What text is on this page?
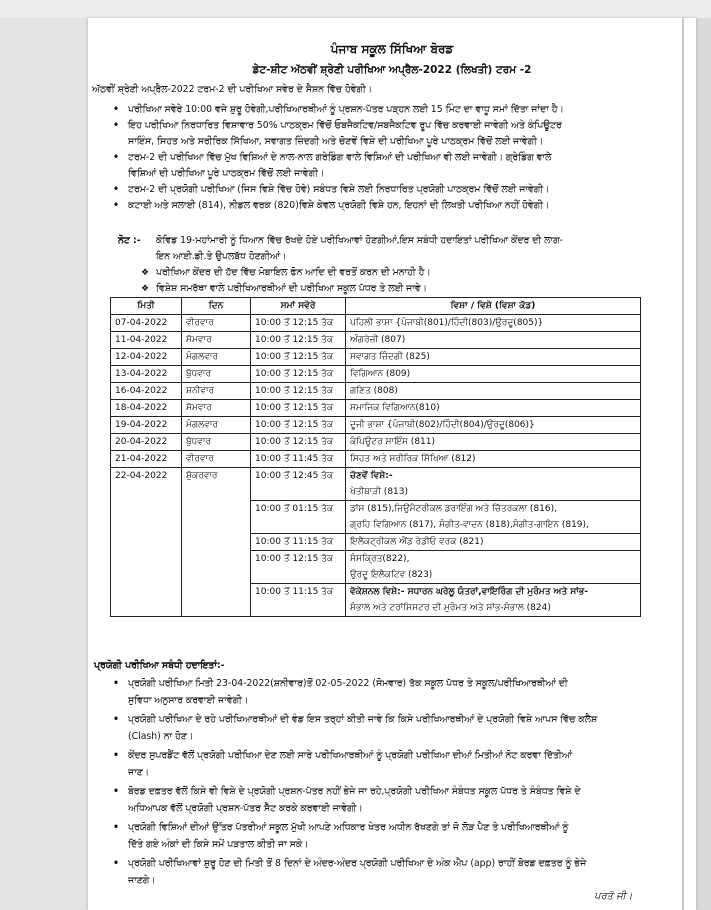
ਪੰਜਾਬ ਸਕੂਲ ਸਿੱਖਿਆ ਬੋਰਡ
ਡੇਟ-ਸ਼ੀਟ ਅੱਠਵੀਂ ਸ਼੍ਰੇਣੀ ਪਰੀਖਿਆ ਅਪ੍ਰੈਲ-2022 (ਲਿਖਤੀ) ਟਰਮ -2
ਅੱਠਵੀਂ ਸ਼੍ਰੇਣੀ ਅਪ੍ਰੈਲ-2022 ਟਰਮ-2 ਦੀ ਪਰੀਖਿਆ ਸਵੇਰ ਦੇ ਸੈਸ਼ਨ ਵਿੱਚ ਹੋਵੇਗੀ।
• ਪਰੀਖਿਆ ਸਵੇਰੇ 10:00 ਵਜੇ ਸ਼ੁਰੂ ਹੋਵੇਗੀ,ਪਰੀਖਿਆਰਥੀਆਂ ਨੂੰ ਪ੍ਰਸ਼ਨ-ਪੱਤਰ ਪੜ੍ਹਨ ਲਈ 15 ਮਿੰਟ ਦਾ ਵਾਧੂ ਸਮਾਂ ਦਿੱਤਾ ਜਾਂਦਾ ਹੈ।
• ਇਹ ਪਰੀਖਿਆ ਨਿਰਧਾਰਿਤ ਵਿਸ਼ਾਵਾਰ 50% ਪਾਠਕ੍ਰਮ ਵਿੱਚੋਂ ਓਬਜੈਕਟਿਵ/ਸਬਜੈਕਟਿਵ ਰੂਪ ਵਿੱਚ ਕਰਵਾਈ ਜਾਵੇਗੀ ਅਤੇ ਕੰਪਿਊਟਰ
ਸਾਇੰਸ, ਸਿਹਤ ਅਤੇ ਸਰੀਰਿਕ ਸਿੱਖਿਆ, ਸਵਾਗਤ ਜ਼ਿੰਦਗੀ ਅਤੇ ਚੋਣਵੇਂ ਵਿਸ਼ੇ ਦੀ ਪਰੀਖਿਆ ਪੂਰੇ ਪਾਠਕ੍ਰਮ ਵਿੱਚੋਂ ਲਈ ਜਾਵੇਗੀ।
• ਟਰਮ-2 ਦੀ ਪਰੀਖਿਆ ਵਿੱਚ ਮੁੱਖ ਵਿਸ਼ਿਆਂ ਦੇ ਨਾਲ-ਨਾਲ ਗਰੇਡਿੰਗ ਵਾਲੇ ਵਿਸ਼ਿਆਂ ਦੀ ਪਰੀਖਿਆ ਵੀ ਲਈ ਜਾਵੇਗੀ। ਗ੍ਰੇਡਿੰਗ ਵਾਲੇ
ਵਿਸ਼ਿਆਂ ਦੀ ਪਰੀਖਿਆ ਪੂਰੇ ਪਾਠਕ੍ਰਮ ਵਿੱਚੋਂ ਲਈ ਜਾਵੇਗੀ।
• ਟਰਮ-2 ਦੀ ਪ੍ਰਯੋਗੀ ਪਰੀਖਿਆ (ਜਿਸ ਵਿਸ਼ੇ ਵਿੱਚ ਹੋਵੇ) ਸਬੰਧਤ ਵਿਸ਼ੇ ਲਈ ਨਿਰਧਾਰਿਤ ਪ੍ਰਯੋਗੀ ਪਾਠਕ੍ਰਮ ਵਿੱਚੋਂ ਲਈ ਜਾਵੇਗੀ।
• ਕਟਾਈ ਅਤੇ ਸਲਾਈ (814), ਨੀਡਲ ਵਰਕ (820)ਵਿਸ਼ੇ ਕੇਵਲ ਪ੍ਰਯੋਗੀ ਵਿਸ਼ੇ ਹਨ, ਇਹਨਾਂ ਦੀ ਲਿਖਤੀ ਪਰੀਖਿਆ ਨਹੀਂ ਹੋਵੇਗੀ।
ਨੋਟ :- ਕੋਵਿਡ 19-ਮਹਾਂਮਾਰੀ ਨੂੰ ਧਿਆਨ ਵਿੱਚ ਰੱਖਦੇ ਹੋਏ ਪਰੀਖਿਆਵਾਂ ਹੋਣਗੀਆਂ,ਇਸ ਸਬੰਧੀ ਹਦਾਇਤਾਂ ਪਰੀਖਿਆ ਕੇਂਦਰ ਦੀ ਲਾਗ-
ਇਨ ਆਈ.ਡੀ.ਤੇ ਉਪਲਬੱਧ ਹੋਣਗੀਆਂ।
❖ ਪਰੀਖਿਆ ਕੇਂਦਰ ਦੀ ਹੱਦ ਵਿੱਚ ਮੋਬਾਇਲ ਫੋਨ ਆਦਿ ਦੀ ਵਰਤੋਂ ਕਰਨ ਦੀ ਮਨਾਹੀ ਹੈ।
❖ ਵਿਸ਼ੇਸ਼ ਸਮਰੱਥਾ ਵਾਲੇ ਪਰੀਖਿਆਰਥੀਆਂ ਦੀ ਪਰੀਖਿਆ ਸਕੂਲ ਪੱਧਰ ਤੇ ਲਈ ਜਾਵੇ।
ਮਿਤੀ	ਦਿਨ	ਸਮਾਂ ਸਵੇਰੇ	ਵਿਸ਼ਾ / ਵਿਸ਼ੇ (ਵਿਸ਼ਾ ਕੋਡ)
07-04-2022	ਵੀਰਵਾਰ	10:00 ਤੋਂ 12:15 ਤੱਕ	ਪਹਿਲੀ ਭਾਸ਼ਾ {ਪੰਜਾਬੀ(801)/ਹਿੰਦੀ(803)/ਉਰਦੂ(805)}
11-04-2022	ਸੋਮਵਾਰ	10:00 ਤੋਂ 12:15 ਤੱਕ	ਅੰਗਰੇਜ਼ੀ (807)
12-04-2022	ਮੰਗਲਵਾਰ	10:00 ਤੋਂ 12:15 ਤੱਕ	ਸਵਾਗਤ ਜ਼ਿੰਦਗੀ (825)
13-04-2022	ਬੁੱਧਵਾਰ	10:00 ਤੋਂ 12:15 ਤੱਕ	ਵਿਗਿਆਨ (809)
16-04-2022	ਸ਼ਨੀਵਾਰ	10:00 ਤੋਂ 12:15 ਤੱਕ	ਗਣਿਤ (808)
18-04-2022	ਸੋਮਵਾਰ	10:00 ਤੋਂ 12:15 ਤੱਕ	ਸਮਾਜਿਕ ਵਿਗਿਆਨ(810)
19-04-2022	ਮੰਗਲਵਾਰ	10:00 ਤੋਂ 12:15 ਤੱਕ	ਦੂਜੀ ਭਾਸ਼ਾ {ਪੰਜਾਬੀ(802)/ਹਿੰਦੀ(804)/ਉਰਦੂ(806)}
20-04-2022	ਬੁੱਧਵਾਰ	10:00 ਤੋਂ 12:15 ਤੱਕ	ਕੰਪਿਊਟਰ ਸਾਇੰਸ (811)
21-04-2022	ਵੀਰਵਾਰ	10:00 ਤੋਂ 11:45 ਤੱਕ	ਸਿਹਤ ਅਤੇ ਸਰੀਰਿਕ ਸਿੱਖਿਆ (812)
22-04-2022	ਸ਼ੁੱਕਰਵਾਰ	10:00 ਤੋਂ 12:45 ਤੱਕ	ਚੋਣਵੇਂ ਵਿਸ਼ੇ:-
ਖੇਤੀਬਾੜੀ (813)

		10:00 ਤੋਂ 01:15 ਤੱਕ	ਡਾਂਸ (815),ਜਿਉਮੈਟਰੀਕਲ ਡਰਾਇੰਗ ਅਤੇ ਚਿੱਤਰਕਲਾ (816),
ਗ੍ਰਹਿ ਵਿਗਿਆਨ (817), ਸੰਗੀਤ-ਵਾਦਨ (818),ਸੰਗੀਤ-ਗਾਇਨ (819),

		10:00 ਤੋਂ 11:15 ਤੱਕ	ਇਲੈਕਟ੍ਰੀਕਲ ਐਂਡ ਰੇਡੀਓ ਵਰਕ (821)

		10:00 ਤੋਂ 12:15 ਤੱਕ	ਸੰਸਕ੍ਰਿਤ(822),
ਉਰਦੂ ਇਲੈਕਟਿਵ (823)

		10:00 ਤੋਂ 11:15 ਤੱਕ	ਵੋਕੇਸ਼ਨਲ ਵਿਸ਼ੇ:- ਸਧਾਰਨ ਘਰੇਲੂ ਯੰਤਰਾਂ,ਵਾਇਰਿੰਗ ਦੀ ਮੁਰੰਮਤ ਅਤੇ ਸਾਂਭ-
ਸੰਭਾਲ ਅਤੇ ਟਰਾਂਸਿਸਟਰ ਦੀ ਮੁਰੰਮਤ ਅਤੇ ਸਾਂਭ-ਸੰਭਾਲ (824)
ਪ੍ਰਯੋਗੀ ਪਰੀਖਿਆ ਸਬੰਧੀ ਹਦਾਇਤਾਂ:-
• ਪ੍ਰਯੋਗੀ ਪਰੀਖਿਆ ਮਿਤੀ 23-04-2022(ਸ਼ਨੀਵਾਰ)ਤੋਂ 02-05-2022 (ਸੋਮਵਾਰ) ਤੱਕ ਸਕੂਲ ਪੱਧਰ ਤੇ ਸਕੂਲ/ਪਰੀਖਿਆਰਥੀਆਂ ਦੀ
ਸੁਵਿਧਾ ਅਨੁਸਾਰ ਕਰਵਾਈ ਜਾਵੇਗੀ।
• ਪ੍ਰਯੋਗੀ ਪਰੀਖਿਆ ਦੇ ਰਹੇ ਪਰੀਖਿਆਰਥੀਆਂ ਦੀ ਵੰਡ ਇਸ ਤਰ੍ਹਾਂ ਕੀਤੀ ਜਾਵੇ ਕਿ ਕਿਸੇ ਪਰੀਖਿਆਰਥੀਆਂ ਦੇ ਪ੍ਰਯੋਗੀ ਵਿਸ਼ੇ ਆਪਸ ਵਿੱਚ ਕਲੈਸ਼
(Clash) ਨਾ ਹੋਣ।
• ਕੇਂਦਰ ਸੁਪਰਡੈਂਟ ਵੱਲੋਂ ਪ੍ਰਯੋਗੀ ਪਰੀਖਿਆ ਦੇਣ ਲਈ ਸਾਰੇ ਪਰੀਖਿਆਰਥੀਆਂ ਨੂੰ ਪ੍ਰਯੋਗੀ ਪਰੀਖਿਆ ਦੀਆਂ ਮਿਤੀਆਂ ਨੋਟ ਕਰਵਾ ਦਿੱਤੀਆਂ
ਜਾਣ।
• ਬੋਰਡ ਦਫ਼ਤਰ ਵੱਲੋਂ ਕਿਸੇ ਵੀ ਵਿਸ਼ੇ ਦੇ ਪ੍ਰਯੋਗੀ ਪ੍ਰਸ਼ਨ-ਪੱਤਰ ਨਹੀਂ ਭੇਜੇ ਜਾ ਰਹੇ,ਪ੍ਰਯੋਗੀ ਪਰੀਖਿਆ ਸੰਬੰਧਤ ਸਕੂਲ ਪੱਧਰ ਤੇ ਸੰਬੰਧਤ ਵਿਸ਼ੇ ਦੇ
ਅਧਿਆਪਕ ਵੱਲੋਂ ਪ੍ਰਯੋਗੀ ਪ੍ਰਸ਼ਨ-ਪੱਤਰ ਸੈੱਟ ਕਰਕੇ ਕਰਵਾਈ ਜਾਵੇਗੀ।
• ਪ੍ਰਯੋਗੀ ਵਿਸ਼ਿਆਂ ਦੀਆਂ ਉੱਤਰ ਪੱਤਰੀਆਂ ਸਕੂਲ ਮੁੱਖੀ ਆਪਣੇ ਅਧਿਕਾਰ ਖੇਤਰ ਅਧੀਨ ਰੱਖਣਗੇ ਤਾਂ ਜੋ ਲੋੜ ਪੈਣ ਤੇ ਪਰੀਖਿਆਰਥੀਆਂ ਨੂੰ
ਦਿੱਤੇ ਗਏ ਅੰਕਾਂ ਦੀ ਕਿਸੇ ਸਮੇਂ ਪੜਤਾਲ ਕੀਤੀ ਜਾ ਸਕੇ।
• ਪ੍ਰਯੋਗੀ ਪਰੀਖਿਆਵਾਂ ਸ਼ੁਰੂ ਹੋਣ ਦੀ ਮਿਤੀ ਤੋਂ 8 ਦਿਨਾਂ ਦੇ ਅੰਦਰ-ਅੰਦਰ ਪ੍ਰਯੋਗੀ ਪਰੀਖਿਆ ਦੇ ਅੰਕ ਐਪ (app) ਰਾਹੀਂ ਬੋਰਡ ਦਫ਼ਤਰ ਨੂੰ ਭੇਜੇ
ਜਾਣਗੇ।
ਪਰਤੋ ਜੀ।
